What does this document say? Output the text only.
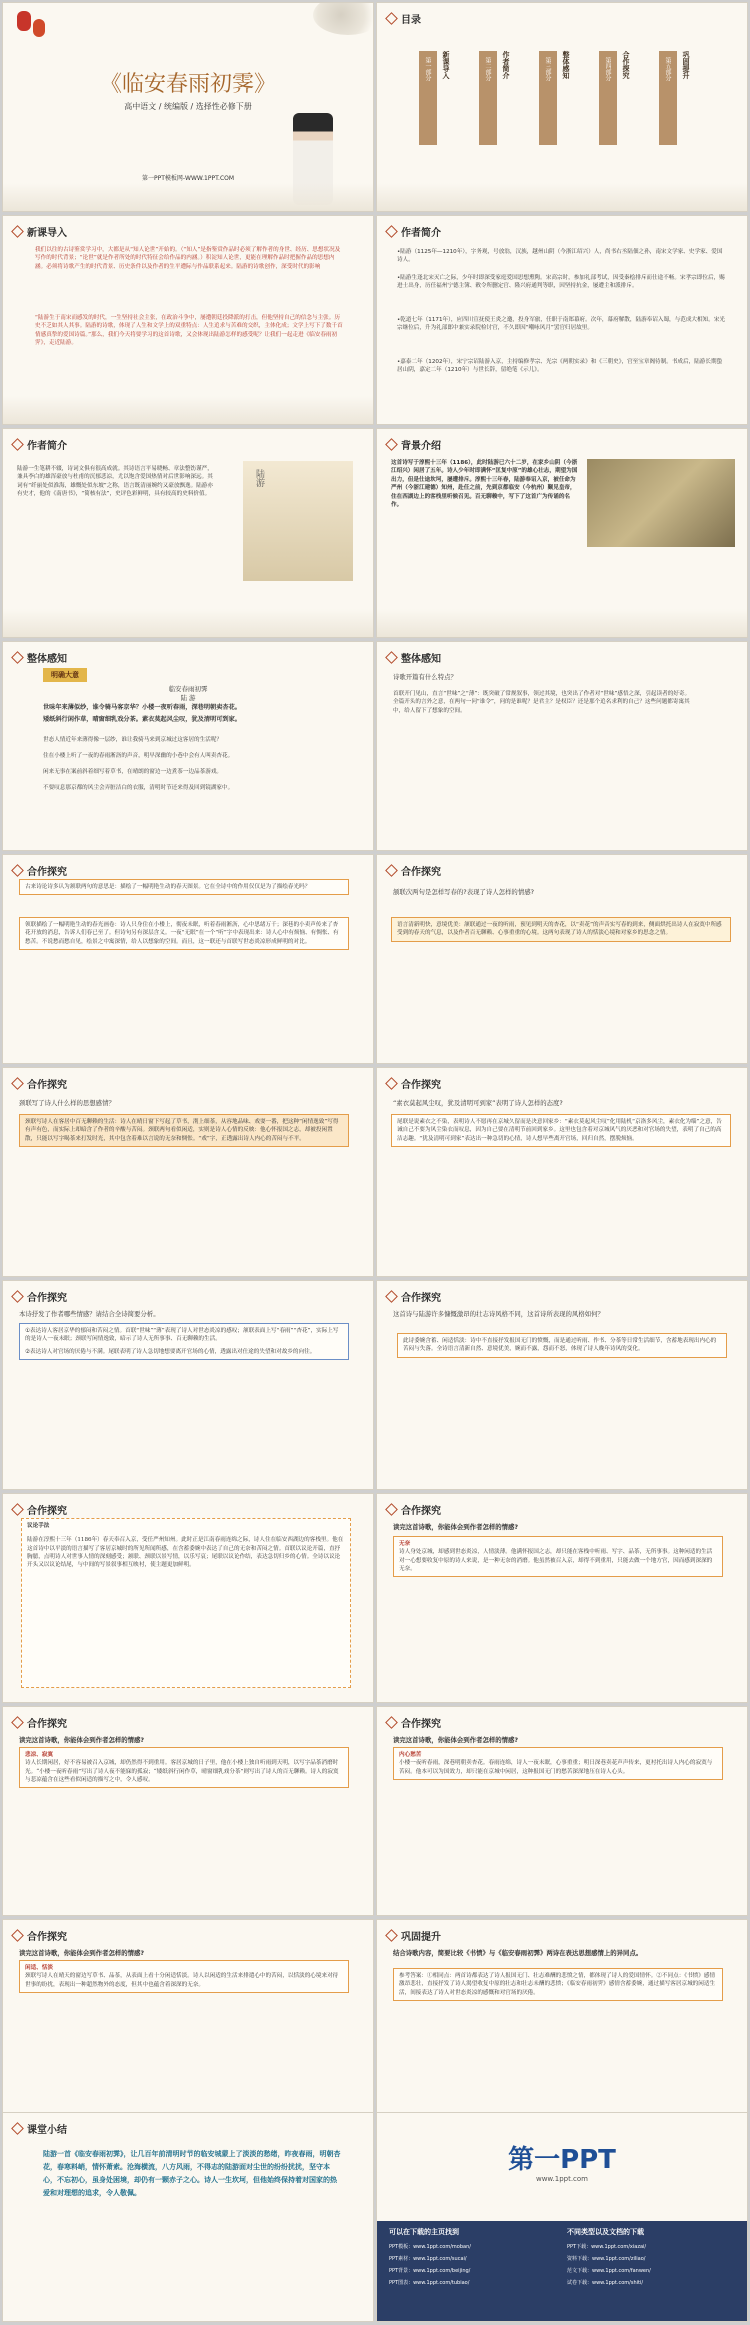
《临安春雨初霁》
高中语文 / 统编版 / 选择性必修下册
第一PPT模板网-WWW.1PPT.COM
目录
第一部分 新课导入	第二部分 作者简介	第三部分 整体感知	第四部分 合作探究	第五部分 巩固提升
新课导入
我们以往的古诗鉴赏学习中，大都是从“知人论世”开始的。（“知人”是指鉴赏作品时必须了解作者的身世、经历、思想状况及写作的时代背景；“论世”就是作者所处的时代特征会给作品的内涵。）积淀知人论世，更能在理解作品时把握作品的思想内涵。必须将诗歌产生的时代背景、历史条件以及作者的生平遭际与作品联系起来。陆游的诗歌创作，深受时代的影响
“陆游生于南宋而感发的时代，一生坚持社会主张，在政治斗争中，屡遭朝廷投降派的打击，但他坚持自己的信念与主张。历史不乏如其人其事。陆游的诗歌，体现了人生和文学上的双重特点：人生追求与苦难的交织，主体化成；文学上写下了数千首情感真挚的爱国诗篇。”那么，我们今天将要学习的这首诗歌，又会体现出陆游怎样的感受呢？让我们一起走进《临安春雨初霁》，走近陆游。
作者简介
•陆游（1125年—1210年），字务观，号放翁，汉族，越州山阴（今浙江绍兴）人，尚书右丞陆佃之孙，南宋文学家、史学家、爱国诗人。
•陆游生逢北宋灭亡之际，少年时即深受家庭爱国思想熏陶。宋高宗时，参加礼部考试，因受秦桧排斥而仕途不畅。宋孝宗即位后，赐进士出身，历任福州宁德主簿、敕令所删定官、隆兴府通判等职，因坚持抗金，屡遭主和派排斥。
•乾道七年（1171年），应四川宣抚使王炎之邀，投身军旅，任职于南郑幕府。次年，幕府解散，陆游奉诏入蜀，与范成大相知。宋光宗继位后，升为礼部郎中兼实录院检讨官，不久即因“嘲咏风月”罢官归居故里。
•嘉泰二年（1202年），宋宁宗诏陆游入京，主持编修孝宗、光宗《两朝实录》和《三朝史》，官至宝章阁待制。书成后，陆游长期蛰居山阴，嘉定二年（1210年）与世长辞，留绝笔《示儿》。
作者简介
陆游一生笔耕不辍，诗词文俱有很高成就。其诗语言平易晓畅、章法整饬谨严，兼具李白的雄浑豪放与杜甫的沉郁悲凉，尤以饱含爱国热情对后世影响深远。其词有“纤丽处似淮海，雄慨处似东坡”之称，语言既清丽婉约又豪放飘逸。陆游亦有史才，他的《南唐书》，“简核有法”，史评色彩鲜明，具有较高的史料价值。
陆游
背景介绍
这首诗写于淳熙十三年（1186），此时陆游已六十二岁，在家乡山阴（今浙江绍兴）闲居了五年。诗人少年时即满怀“匡复中原”的雄心壮志，期望为国出力，但是仕途坎坷，屡遭排斥。淳熙十三年春，陆游奉诏入京，被任命为严州（今浙江建德）知州，赴任之前，先到京都临安（今杭州）觐见皇帝，住在西湖边上的客栈里听候召见。百无聊赖中，写下了这首广为传诵的名作。
整体感知
明确大意
临安春雨初霁
陆 游
世味年来薄似纱，谁令骑马客京华？小楼一夜听春雨，深巷明朝卖杏花。
矮纸斜行闲作草，晴窗细乳戏分茶。素衣莫起风尘叹，犹及清明可到家。
世态人情近年来薄得像一层纱，谁让我骑马来到京城过这客居的生活呢？
住在小楼上听了一夜的春雨淅沥的声音，明早深幽的小巷中会有人叫卖杏花。
闲来无事在案前斜着细写着草书，在晴朗的窗边一边煮茶一边品茶游戏。
不要叹息那京都的风尘会弄脏洁白的衣服，清明时节还来得及回到镜湖家中。
整体感知
诗歌开篇有什么特点？
首联开门见山，直言“世味”之“薄”：既突破了常规叙事，领过其境，也突出了作者对“世味”感悟之深，引起读者的好奇。全篇开头的言外之意，在两句一问“谁令”，问的是谁呢？是君主？是权臣？还是那个追名求利的自己？这些问题都寄寓其中，给人留下了想象的空间。
合作探究
古来诗论诗多认为颔联两句的意思是：描绘了一幅明艳生动的春天图景。它在全诗中的作用仅仅是为了描绘春光吗？
领联描绘了一幅明艳生动的春光画卷：诗人只身住在小楼上，彻夜未眠，听着春雨淅沥，心中思绪万千；深巷的小卖声传来了杏花开放的消息，告诉人们春已至了。但诗句另有深层含义。一夜“无眠”在一个“听”字中表现出来：诗人心中有烦恼、有惆怅、有愁苦。不说愁而愁自见，绘景之中寓深情，给人以想象的空间。而且，这一联还与首联写世态炎凉形成鲜明的对比。
合作探究
颔联次两句是怎样写春的?表现了诗人怎样的情感?
语言清新明快，意境优美：颔联通过一夜的听雨，预见到明天的杏花，以“卖花”的声音实写春的到来，侧面烘托出诗人在寂寞中所感受到的春天的气息，以及作者百无聊赖、心事重重的心境。这两句表现了诗人的恬淡心境和对家乡的思念之情。
合作探究
颈联写了诗人什么样的思想感情？
颈联写诗人在客居中百无聊赖的生活：诗人在晴日窗下写起了草书，沏上细茶，从容地品味、戏耍一番，把这种“闲情逸致”写得有声有色，而实际上却暗含了作者的辛酸与苦闷。颈联两句看似闲适，实则是诗人心情的反映：他心怀报国之志，却被投闲置散，只能以写字喝茶来打发时光，其中包含着难以言说的无奈和惆怅。“戏”字，正透露出诗人内心的苦闷与不平。
合作探究
“素衣莫起风尘叹，犹及清明可到家”表明了诗人怎样的态度?
尾联是说素衣之不染，表明诗人不愿再在京城久留而是决意回家乡：“素衣莫起风尘叹”化用陆机“京洛多风尘，素衣化为缁”之意，告诫自己不要为风尘染衣而叹息，因为自己要在清明节前回到家乡。这里也包含着对京城风气的厌恶和对官场的失望，表明了自己的高洁志趣。“犹及清明可到家”表达出一种急切的心情，诗人想早些离开官场，回归自然，摆脱烦恼。
合作探究
本诗抒发了作者哪些情感？请结合全诗简要分析。
①表达诗人客居京华的郁闷和苦闷之情。首联“世味”“薄”表现了诗人对世态炎凉的感叹；颔联表面上写“春雨”“杏花”，实际上写的是诗人一夜未眠；颈联写闲情逸致，暗示了诗人无所事事、百无聊赖的生活。
②表达诗人对官场的厌倦与不满。尾联表明了诗人急切地想要离开官场的心情，透露出对仕途的失望和对故乡的向往。
合作探究
这首诗与陆游许多慷慨激昂的壮志诗风格不同，这首诗所表现的风格如何？
此诗委婉含蓄、闲适恬淡：诗中不直接抒发报国无门的愤慨，而是通过听雨、作书、分茶等日常生活细节，含蓄地表现出内心的苦闷与失落。全诗语言清新自然、意境优美，婉而不露，怨而不怒，体现了诗人晚年诗风的变化。
合作探究
议论手法
陆游在淳熙十三年（1186年）春天奉召入京，受任严州知州。此时正是江南春雨连绵之际，诗人住在临安西湖边的客栈里。他在这首诗中以平淡的语言描写了客居京城时的所见所闻所感，在含蓄委婉中表达了自己的无奈和苦闷之情。首联以议论开篇，直抒胸臆，点明诗人对世事人情的深刻感受；颔联、颈联以景写情，以乐写哀；尾联以议论作结，表达急切归乡的心情。全诗以议论开头又以议论结尾，与中间的写景叙事相互映衬，使主题更加鲜明。
合作探究
读完这首诗歌，你能体会到作者怎样的情感?
无奈
诗人身处京城，却感到世态炎凉，人情淡薄。他满怀报国之志，却只能在客栈中听雨、写字、品茶，无所事事。这种闲适的生活对一心想要收复中原的诗人来说，是一种无奈的消磨。他虽然被召入京，却得不到重用，只能去做一个地方官，因而感到深深的无奈。
合作探究
读完这首诗歌，你能体会到作者怎样的情感?
悲凉、寂寞
诗人长期闲居，好不容易被召入京城，却仍然得不到重用。客居京城的日子里，他在小楼上独自听雨到天明，以写字品茶消磨时光。“小楼一夜听春雨”写出了诗人夜不能寐的孤寂；“矮纸斜行闲作草，晴窗细乳戏分茶”则写出了诗人的百无聊赖。诗人的寂寞与悲凉蕴含在这些看似闲适的描写之中，令人感叹。
合作探究
读完这首诗歌，你能体会到作者怎样的情感?
内心愁苦
小楼一夜听春雨，深巷明朝卖杏花。春雨连绵，诗人一夜未眠，心事重重；明日深巷卖花声声传来，更衬托出诗人内心的寂寞与苦闷。他本可以为国效力，却只能在京城中闲居，这种报国无门的愁苦深深地压在诗人心头。
合作探究
读完这首诗歌，你能体会到作者怎样的情感?
闲适、恬淡
颈联写诗人在晴天的窗边写草书、品茶，从表面上看十分闲适恬淡。诗人以闲适的生活来排遣心中的苦闷，以恬淡的心境来对待世事的纷扰，表现出一种超然物外的态度，但其中也蕴含着深深的无奈。
巩固提升
结合诗歌内容，简要比较《书愤》与《临安春雨初霁》两诗在表达思想感情上的异同点。
参考答案：①相同点：两首诗都表达了诗人报国无门、壮志难酬的悲愤之情，都体现了诗人的爱国情怀。②不同点：《书愤》感情激昂悲壮，直接抒发了诗人渴望收复中原的壮志和壮志未酬的悲愤；《临安春雨初霁》感情含蓄委婉，通过描写客居京城的闲适生活，间接表达了诗人对世态炎凉的感慨和对官场的厌倦。
课堂小结
陆游一首《临安春雨初霁》，让几百年前清明时节的临安城蒙上了淡淡的愁绪，昨夜春雨，明朝杏花，春寒料峭，情怀萧索。沧海横流，八方风雨，不得志的陆游面对尘世的纷纷扰扰，坚守本心，不忘初心，虽身处困境，却仍有一颗赤子之心。诗人一生坎坷，但他始终保持着对国家的热爱和对理想的追求，令人敬佩。
第一PPT
www.1ppt.com
可以在下载的主页找到	不同类型以及文档的下载
PPT模板：www.1ppt.com/moban/
PPT素材：www.1ppt.com/sucai/
PPT背景：www.1ppt.com/beijing/
PPT图表：www.1ppt.com/tubiao/
PPT下载：www.1ppt.com/xiazai/
资料下载：www.1ppt.com/ziliao/
范文下载：www.1ppt.com/fanwen/
试卷下载：www.1ppt.com/shiti/
